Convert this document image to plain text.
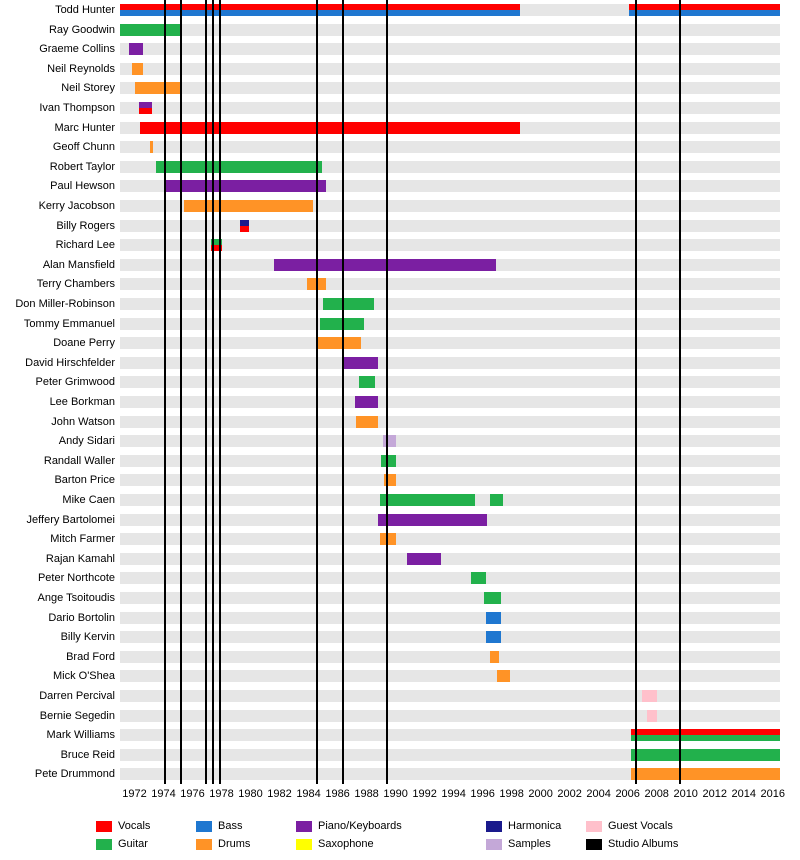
Todd Hunter
Ray Goodwin
Graeme Collins
Neil Reynolds
Neil Storey
Ivan Thompson
Marc Hunter
Geoff Chunn
Robert Taylor
Paul Hewson
Kerry Jacobson
Billy Rogers
Richard Lee
Alan Mansfield
Terry Chambers
Don Miller-Robinson
Tommy Emmanuel
Doane Perry
David Hirschfelder
Peter Grimwood
Lee Borkman
John Watson
Andy Sidari
Randall Waller
Barton Price
Mike Caen
Jeffery Bartolomei
Mitch Farmer
Rajan Kamahl
Peter Northcote
Ange Tsoitoudis
Dario Bortolin
Billy Kervin
Brad Ford
Mick O'Shea
Darren Percival
Bernie Segedin
Mark Williams
Bruce Reid
Pete Drummond
1972 1974 1976 1978 1980 1982 1984 1986 1988 1990 1992 1994 1996 1998 2000 2002 2004 2006 2008 2010 2012 2014 2016
Vocals
Guitar
Bass
Drums
Piano/Keyboards
Saxophone
Harmonica
Samples
Guest Vocals
Studio Albums
